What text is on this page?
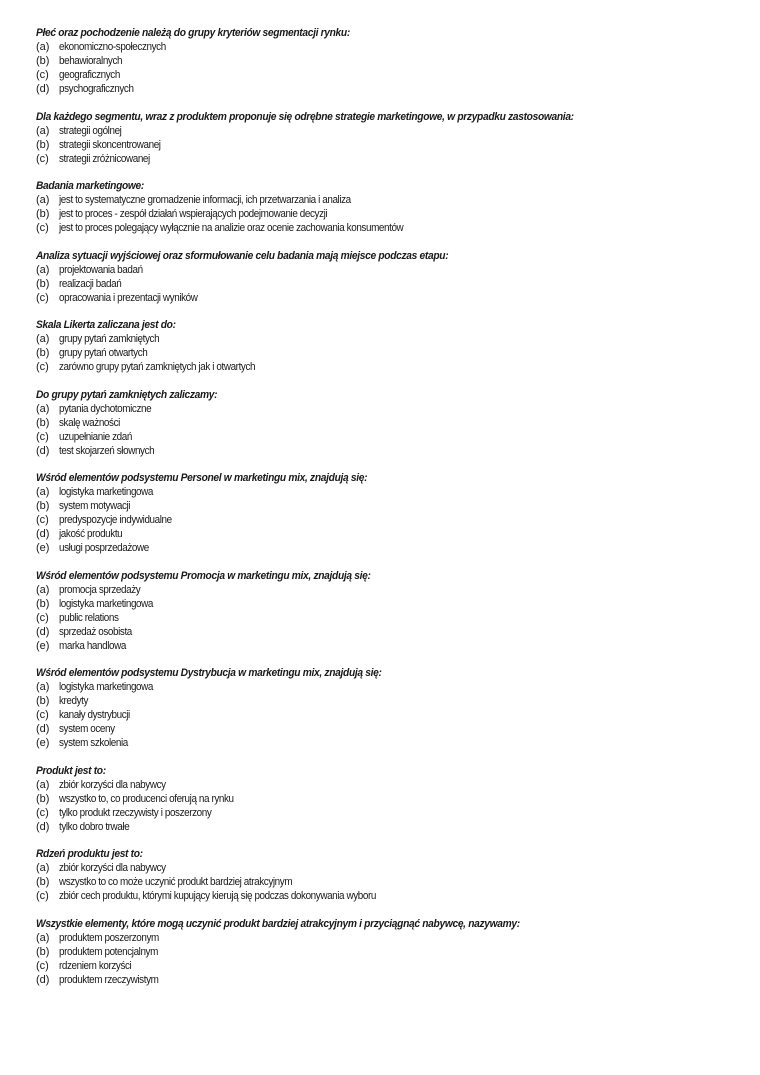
Płeć oraz pochodzenie należą do grupy kryteriów segmentacji rynku:
(a) ekonomiczno-społecznych
(b) behawioralnych
(c) geograficznych
(d) psychograficznych
Dla każdego segmentu, wraz z produktem proponuje się odrębne strategie marketingowe, w przypadku zastosowania:
(a) strategii ogólnej
(b) strategii skoncentrowanej
(c) strategii zróżnicowanej
Badania marketingowe:
(a) jest to systematyczne gromadzenie informacji, ich przetwarzania i analiza
(b) jest to proces - zespół działań wspierających podejmowanie decyzji
(c) jest to proces polegający wyłącznie na analizie oraz ocenie zachowania konsumentów
Analiza sytuacji wyjściowej oraz sformułowanie celu badania mają miejsce podczas etapu:
(a) projektowania badań
(b) realizacji badań
(c) opracowania i prezentacji wyników
Skala Likerta zaliczana jest do:
(a) grupy pytań zamkniętych
(b) grupy pytań otwartych
(c) zarówno grupy pytań zamkniętych jak i otwartych
Do grupy pytań zamkniętych zaliczamy:
(a) pytania dychotomiczne
(b) skalę ważności
(c) uzupełnianie zdań
(d) test skojarzeń słownych
Wśród elementów podsystemu Personel w marketingu mix, znajdują się:
(a) logistyka marketingowa
(b) system motywacji
(c) predyspozycje indywidualne
(d) jakość produktu
(e) usługi posprzedażowe
Wśród elementów podsystemu Promocja w marketingu mix, znajdują się:
(a) promocja sprzedaży
(b) logistyka marketingowa
(c) public relations
(d) sprzedaż osobista
(e) marka handlowa
Wśród elementów podsystemu Dystrybucja w marketingu mix, znajdują się:
(a) logistyka marketingowa
(b) kredyty
(c) kanały dystrybucji
(d) system oceny
(e) system szkolenia
Produkt jest to:
(a) zbiór korzyści dla nabywcy
(b) wszystko to, co producenci oferują na rynku
(c) tylko produkt rzeczywisty i poszerzony
(d) tylko dobro trwałe
Rdzeń produktu jest to:
(a) zbiór korzyści dla nabywcy
(b) wszystko to co może uczynić produkt bardziej atrakcyjnym
(c) zbiór cech produktu, którymi kupujący kierują się podczas dokonywania wyboru
Wszystkie elementy, które mogą uczynić produkt bardziej atrakcyjnym i przyciągnąć nabywcę, nazywamy:
(a) produktem poszerzonym
(b) produktem potencjalnym
(c) rdzeniem korzyści
(d) produktem rzeczywistym
